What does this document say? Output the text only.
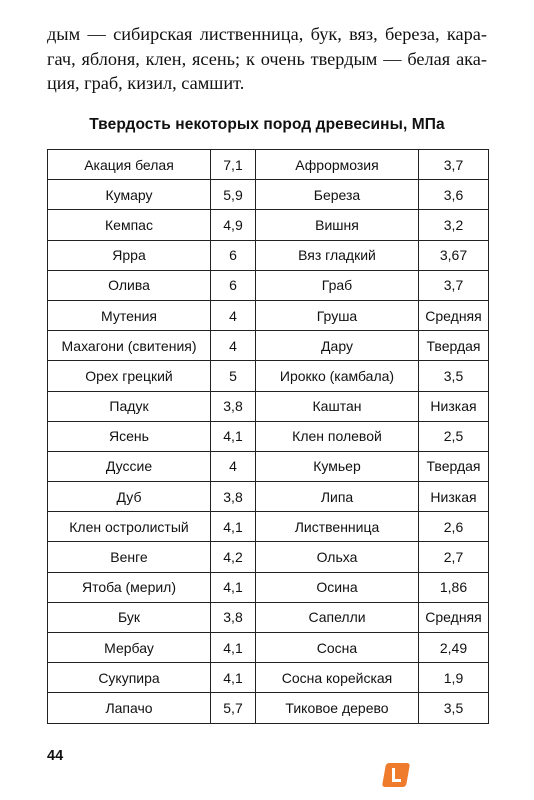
дым — сибирская лиственница, бук, вяз, береза, кара-
гач, яблоня, клен, ясень; к очень твердым — белая ака-
ция, граб, кизил, самшит.
Твердость некоторых пород древесины, МПа
Акация белая	7,1	Афрормозия	3,7
Кумару	5,9	Береза	3,6
Кемпас	4,9	Вишня	3,2
Ярра	6	Вяз гладкий	3,67
Олива	6	Граб	3,7
Мутения	4	Груша	Средняя
Махагони (свитения)	4	Дару	Твердая
Орех грецкий	5	Ирокко (камбала)	3,5
Падук	3,8	Каштан	Низкая
Ясень	4,1	Клен полевой	2,5
Дуссие	4	Кумьер	Твердая
Дуб	3,8	Липа	Низкая
Клен остролистый	4,1	Лиственница	2,6
Венге	4,2	Ольха	2,7
Ятоба (мерил)	4,1	Осина	1,86
Бук	3,8	Сапелли	Средняя
Мербау	4,1	Сосна	2,49
Сукупира	4,1	Сосна корейская	1,9
Лапачо	5,7	Тиковое дерево	3,5
44
